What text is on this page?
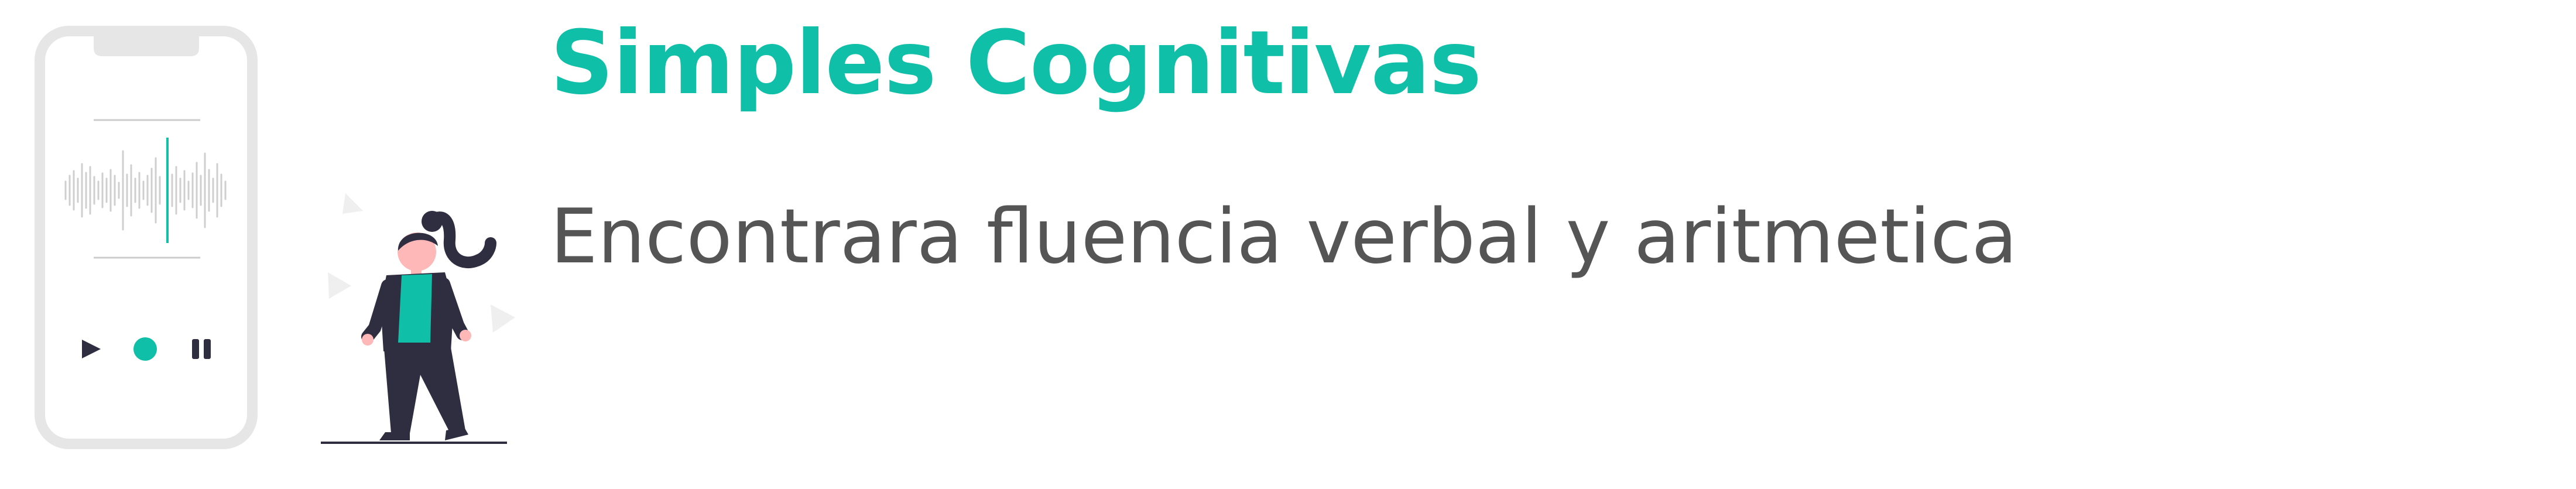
Simples Cognitivas

Encontrara fluencia verbal y aritmetica
